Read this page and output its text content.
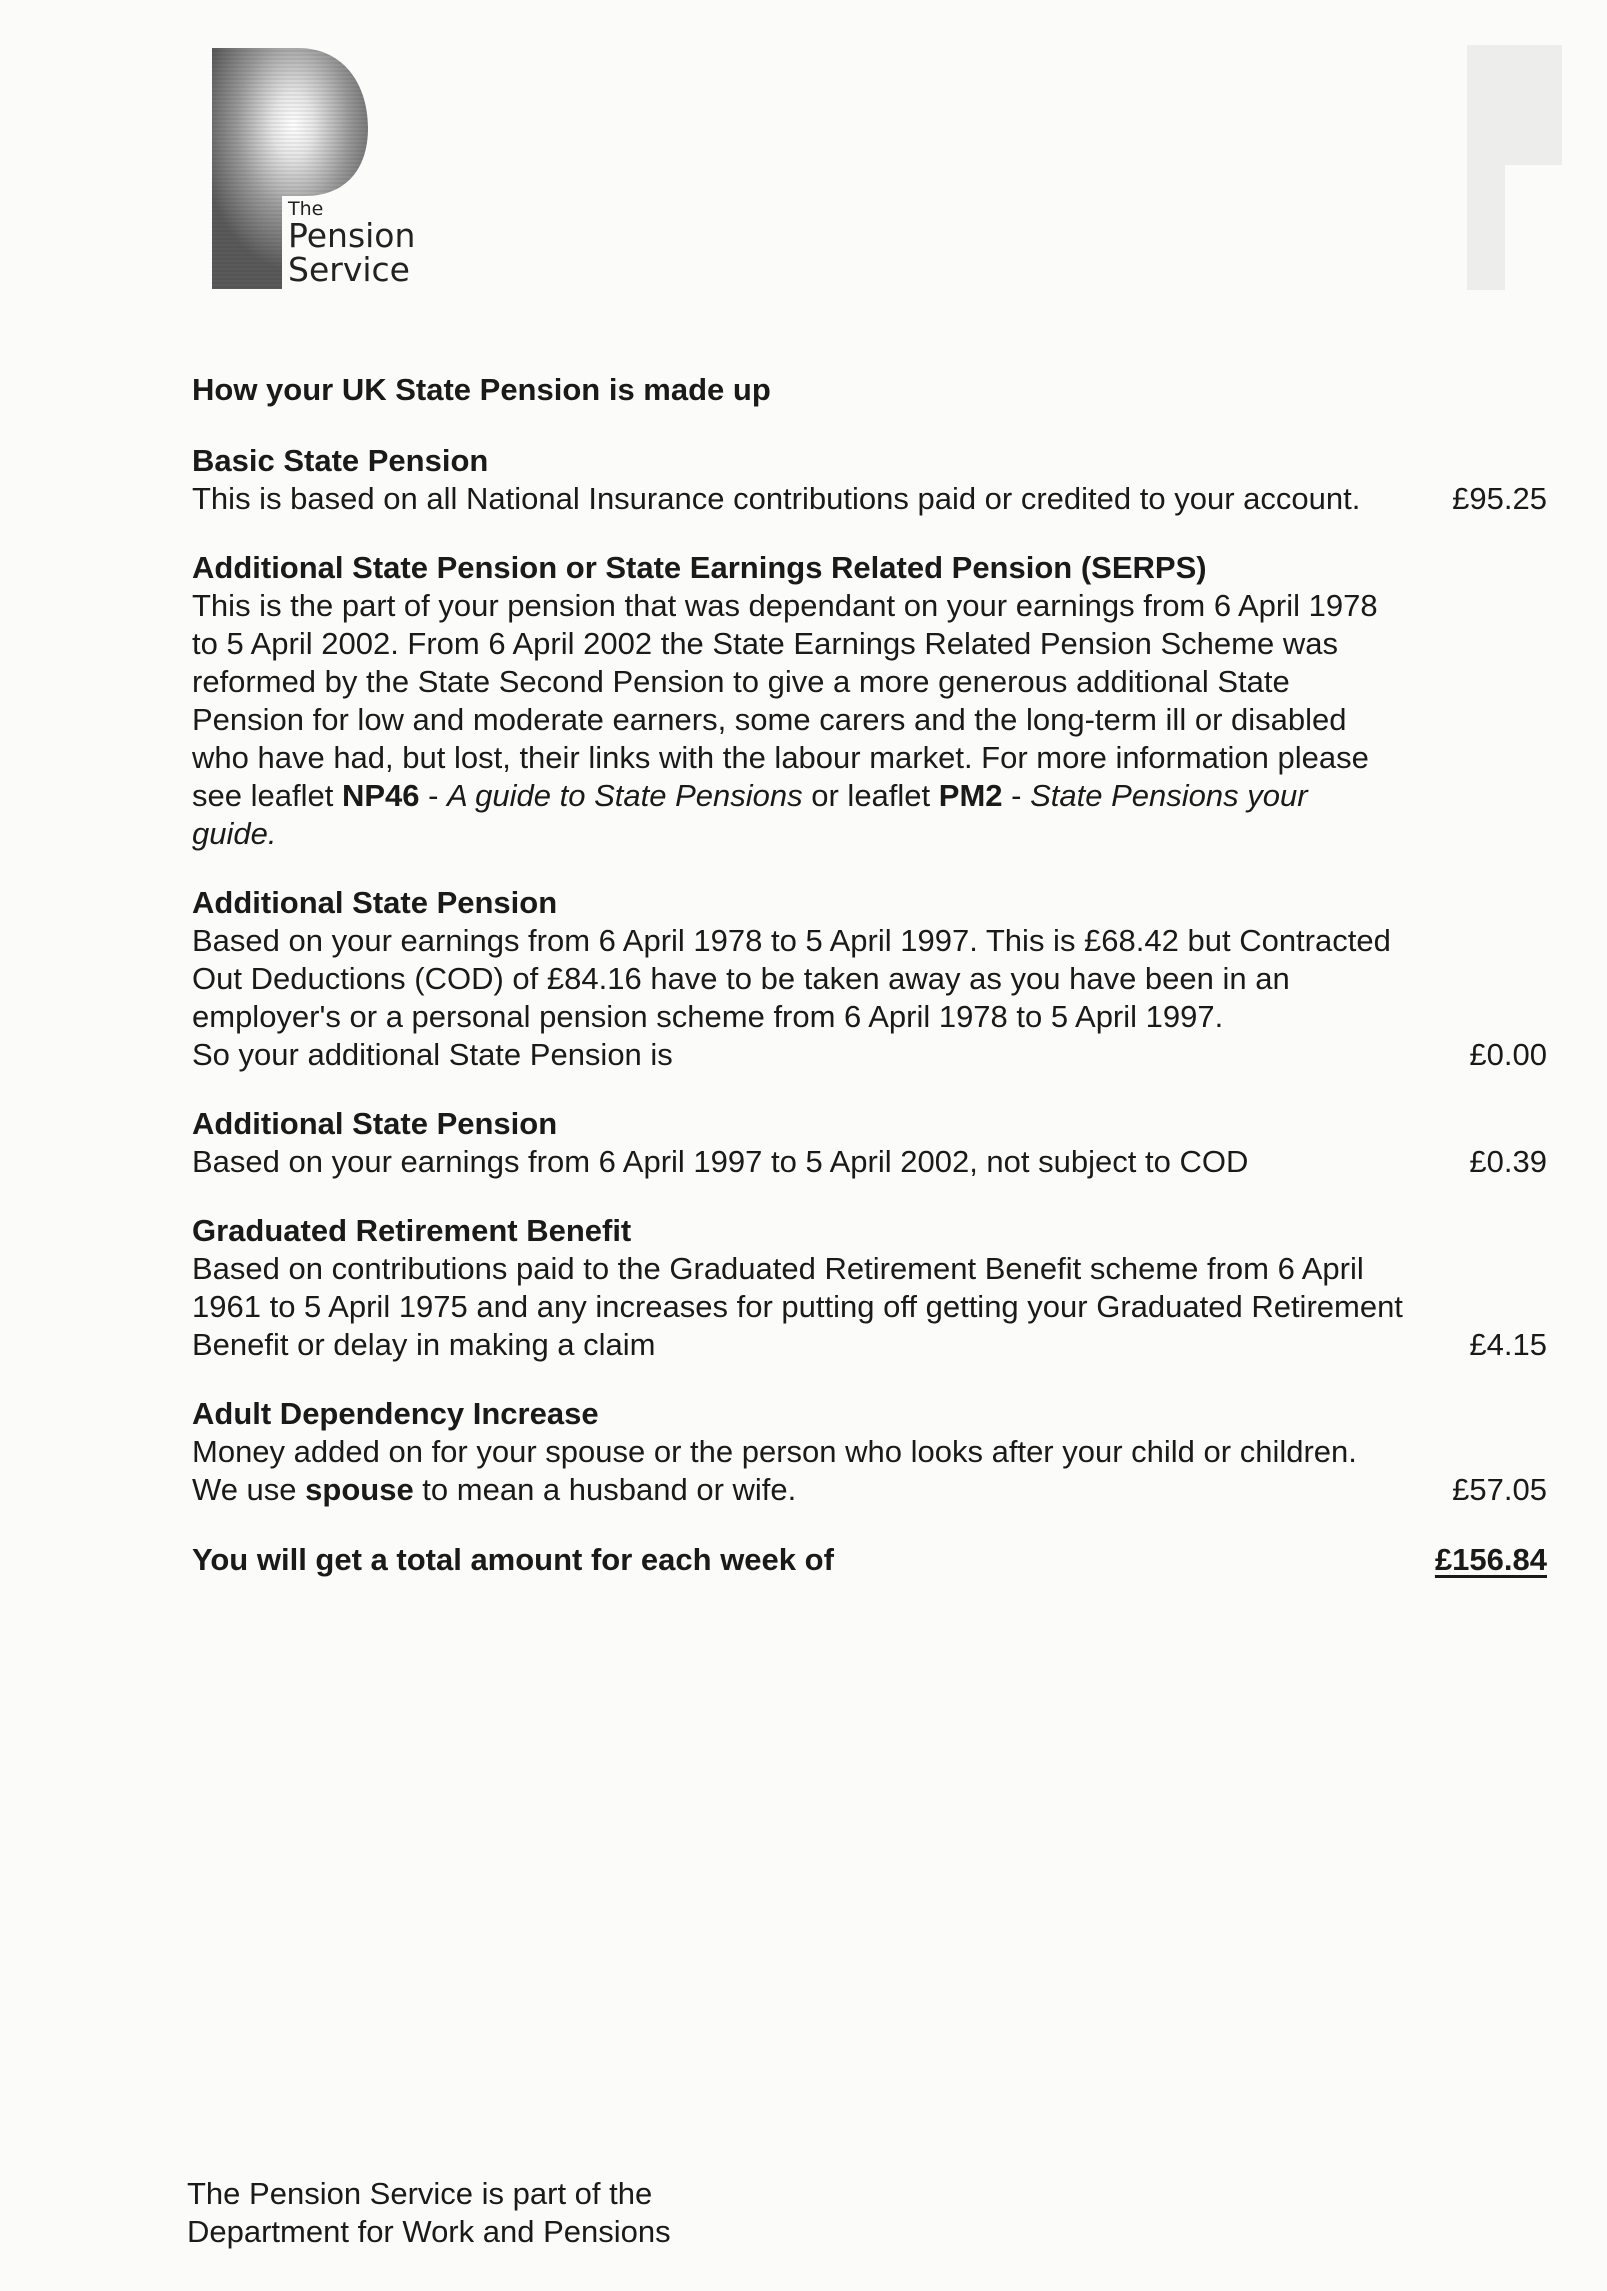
The
Pension
Service
How your UK State Pension is made up
Basic State Pension

This is based on all National Insurance contributions paid or credited to your account.	£95.25
Additional State Pension or State Earnings Related Pension (SERPS)

This is the part of your pension that was dependant on your earnings from 6 April 1978 to 5 April 2002. From 6 April 2002 the State Earnings Related Pension Scheme was reformed by the State Second Pension to give a more generous additional State Pension for low and moderate earners, some carers and the long-term ill or disabled who have had, but lost, their links with the labour market. For more information please see leaflet NP46 - A guide to State Pensions or leaflet PM2 - State Pensions your guide.

Additional State Pension

Based on your earnings from 6 April 1978 to 5 April 1997. This is £68.42 but Contracted Out Deductions (COD) of £84.16 have to be taken away as you have been in an employer's or a personal pension scheme from 6 April 1978 to 5 April 1997.

So your additional State Pension is	£0.00
Additional State Pension

Based on your earnings from 6 April 1997 to 5 April 2002, not subject to COD	£0.39
Graduated Retirement Benefit

Based on contributions paid to the Graduated Retirement Benefit scheme from 6 April 1961 to 5 April 1975 and any increases for putting off getting your Graduated Retirement Benefit or delay in making a claim	£4.15
Adult Dependency Increase

Money added on for your spouse or the person who looks after your child or children. We use spouse to mean a husband or wife.	£57.05
You will get a total amount for each week of	£156.84
The Pension Service is part of the
Department for Work and Pensions
